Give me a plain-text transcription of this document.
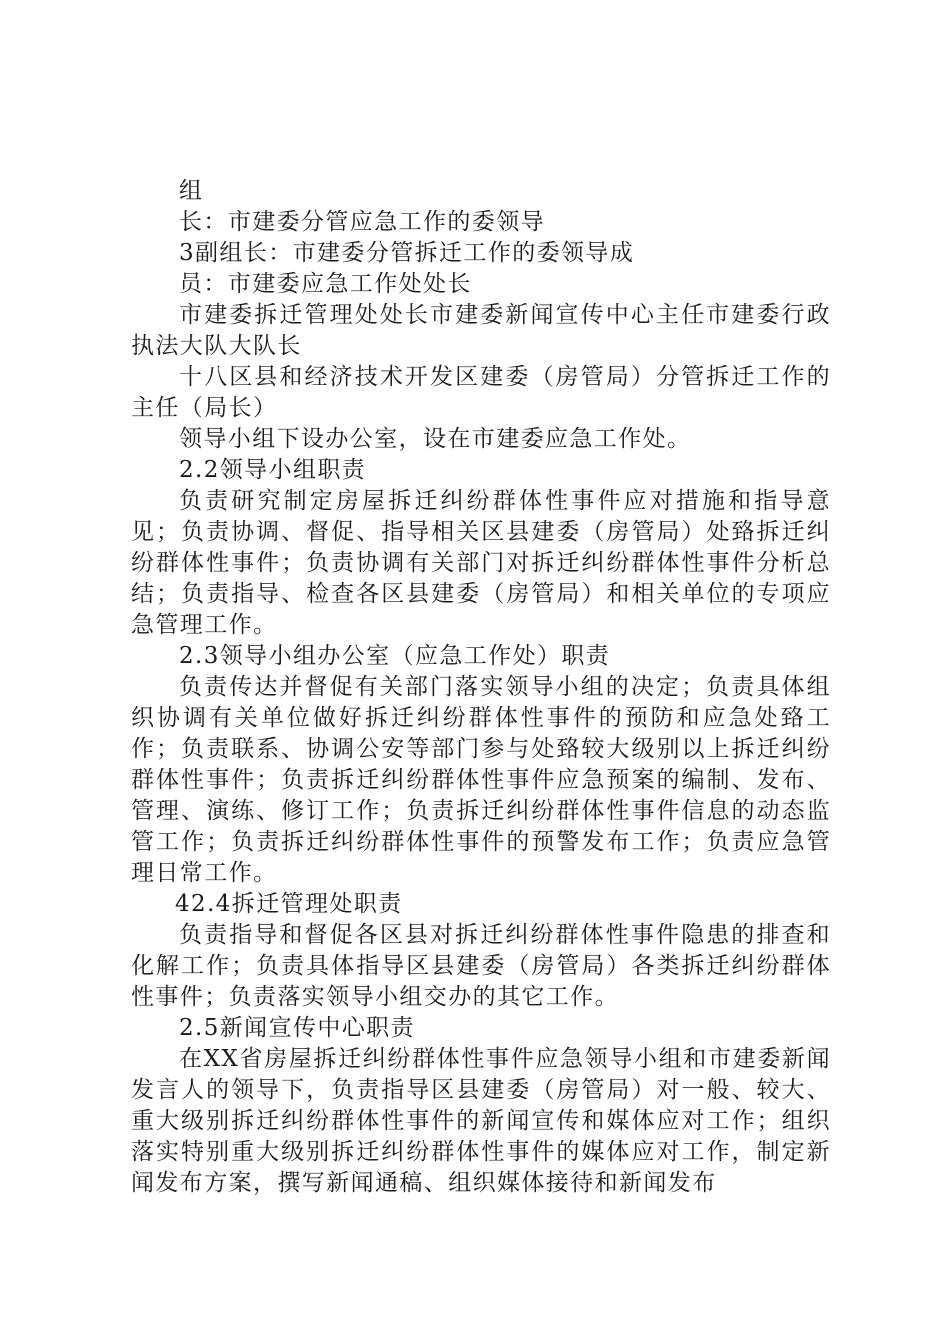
组

长：市建委分管应急工作的委领导

3副组长：市建委分管拆迁工作的委领导成

员：市建委应急工作处处长

市建委拆迁管理处处长市建委新闻宣传中心主任市建委行政执法大队大队长

十八区县和经济技术开发区建委（房管局）分管拆迁工作的主任（局长）

领导小组下设办公室，设在市建委应急工作处。

2.2领导小组职责

负责研究制定房屋拆迁纠纷群体性事件应对措施和指导意见；负责协调、督促、指导相关区县建委（房管局）处臵拆迁纠纷群体性事件；负责协调有关部门对拆迁纠纷群体性事件分析总结；负责指导、检查各区县建委（房管局）和相关单位的专项应急管理工作。

2.3领导小组办公室（应急工作处）职责

负责传达并督促有关部门落实领导小组的决定；负责具体组织协调有关单位做好拆迁纠纷群体性事件的预防和应急处臵工作；负责联系、协调公安等部门参与处臵较大级别以上拆迁纠纷群体性事件；负责拆迁纠纷群体性事件应急预案的编制、发布、管理、演练、修订工作；负责拆迁纠纷群体性事件信息的动态监管工作；负责拆迁纠纷群体性事件的预警发布工作；负责应急管理日常工作。

42.4拆迁管理处职责

负责指导和督促各区县对拆迁纠纷群体性事件隐患的排查和化解工作；负责具体指导区县建委（房管局）各类拆迁纠纷群体性事件；负责落实领导小组交办的其它工作。

2.5新闻宣传中心职责

在XX省房屋拆迁纠纷群体性事件应急领导小组和市建委新闻发言人的领导下，负责指导区县建委（房管局）对一般、较大、重大级别拆迁纠纷群体性事件的新闻宣传和媒体应对工作；组织落实特别重大级别拆迁纠纷群体性事件的媒体应对工作，制定新闻发布方案，撰写新闻通稿、组织媒体接待和新闻发布
